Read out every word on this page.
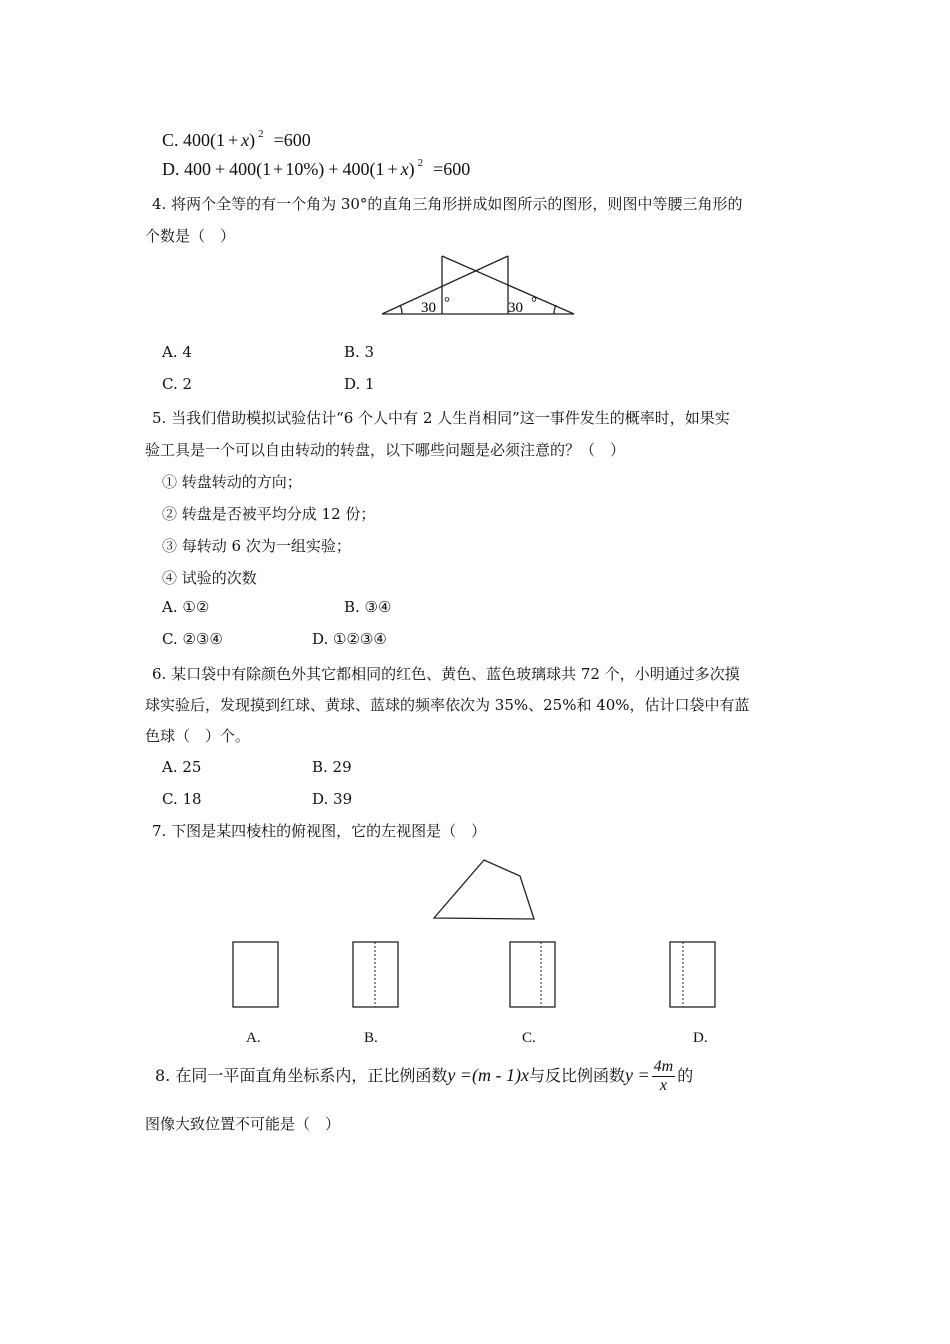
C. 400(1 + x) $^2$ =600
D. 400 + 400(1 + 10%) + 400(1 + x) $^2$ =600
4. 将两个全等的有一个角为 30°的直角三角形拼成如图所示的图形，则图中等腰三角形的
个数是（　）
30 °	30 °
A. 4	B. 3
C. 2	D. 1
5. 当我们借助模拟试验估计“6 个人中有 2 人生肖相同”这一事件发生的概率时，如果实
验工具是一个可以自由转动的转盘，以下哪些问题是必须注意的？（　）
① 转盘转动的方向；
② 转盘是否被平均分成 12 份；
③ 每转动 6 次为一组实验；
④ 试验的次数
A. ①②	B. ③④
C. ②③④	D. ①②③④
6. 某口袋中有除颜色外其它都相同的红色、黄色、蓝色玻璃球共 72 个，小明通过多次摸
球实验后，发现摸到红球、黄球、蓝球的频率依次为 35%、25%和 40%，估计口袋中有蓝
色球（　）个。
A. 25	B. 29
C. 18	D. 39
7. 下图是某四棱柱的俯视图，它的左视图是（　）
A.	B.	C.	D.
8. 在同一平面直角坐标系内，正比例函数y =(m - 1)x与反比例函数$y = \frac{4m}{x}$ 的
图像大致位置不可能是（　）
